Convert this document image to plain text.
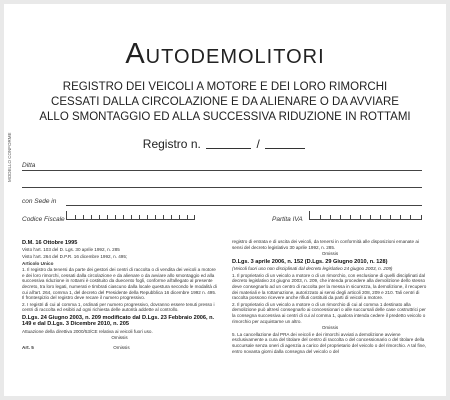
Autodemolitori
REGISTRO DEI VEICOLI A MOTORE E DEI LORO RIMORCHI
CESSATI DALLA CIRCOLAZIONE E DA ALIENARE O DA AVVIARE
ALLO SMONTAGGIO ED ALLA SUCCESSIVA RIDUZIONE IN ROTTAMI
Registro n.	/
MODELLO CONFORME Ditta
con Sede in
Codice Fiscale	Partita IVA
D.M. 16 Ottobre 1995
Visto l'art. 103 del D. Lgs. 30 aprile 1992, n. 285
Visto l'art. 264 del D.P.R. 16 dicembre 1992, n. 495;
Articolo Unico
1. Il registro da tenersi da parte dei gestori dei centri di raccolta o di vendita dei veicoli a motore e dei loro rimorchi, cessati dalla circolazione e da alienare o da avviare allo smontaggio ed alla successiva riduzione in rottami è costituito da duecento fogli, conforme all'allegato al presente decreto, tra loro legati, numerati e timbrati ciascuno dalla locale questura secondo le modalità di cui all'art. 264, comma 1, del decreto del Presidente della Repubblica 16 dicembre 1992 n. 495. Il frontespizio del registro deve recare il numero progressivo.
2. I registri di cui al comma 1, ordinati per numero progressivo, dovranno essere tenuti presso i centri di raccolta ed esibiti ad ogni richiesta delle autorità addette al controllo.
D.Lgs. 24 Giugno 2003, n. 209 modificato dal D.Lgs. 23 Febbraio 2006, n. 149 e dal D.Lgs. 3 Dicembre 2010, n. 205
Attuazione della direttiva 2000/53/CE relativa ai veicoli fuori uso.
Omissis
Art. 5	Omissis
registro di entrata e di uscita dei veicoli, da tenersi in conformità alle disposizioni emanate ai sensi del decreto legislativo 30 aprile 1992, n. 285.
Omissis
D.Lgs. 3 aprile 2006, n. 152 (D.Lgs. 29 Giugno 2010, n. 128)
(Veicoli fuori uso non disciplinati dal decreto legislativo 24 giugno 2003, n. 209)
1. Il proprietario di un veicolo a motore o di un rimorchio, con esclusione di quelli disciplinati dal decreto legislativo 24 giugno 2003, n. 209, che intenda procedere alla demolizione dello stesso deve consegnarlo ad un centro di raccolta per la messa in sicurezza, la demolizione, il recupero dei materiali e la rottamazione, autorizzato ai sensi degli articoli 208, 209 e 210. Tali centri di raccolta possono ricevere anche rifiuti costituiti da parti di veicoli a motore.
2. Il proprietario di un veicolo a motore o di un rimorchio di cui al comma 1 destinato alla demolizione può altresì consegnarlo ai concessionari o alle succursali delle case costruttrici per la consegna successiva ai centri di cui al comma 1, qualora intenda cedere il predetto veicolo o rimorchio per acquistarne un altro.
Omissis
5. La cancellazione dal PRA dei veicoli e dei rimorchi avviati a demolizione avviene esclusivamente a cura del titolare del centro di raccolta o del concessionario o del titolare della succursale senza oneri di agenzia a carico del proprietario del veicolo o del rimorchio. A tal fine, entro novanta giorni dalla consegna del veicolo o del
